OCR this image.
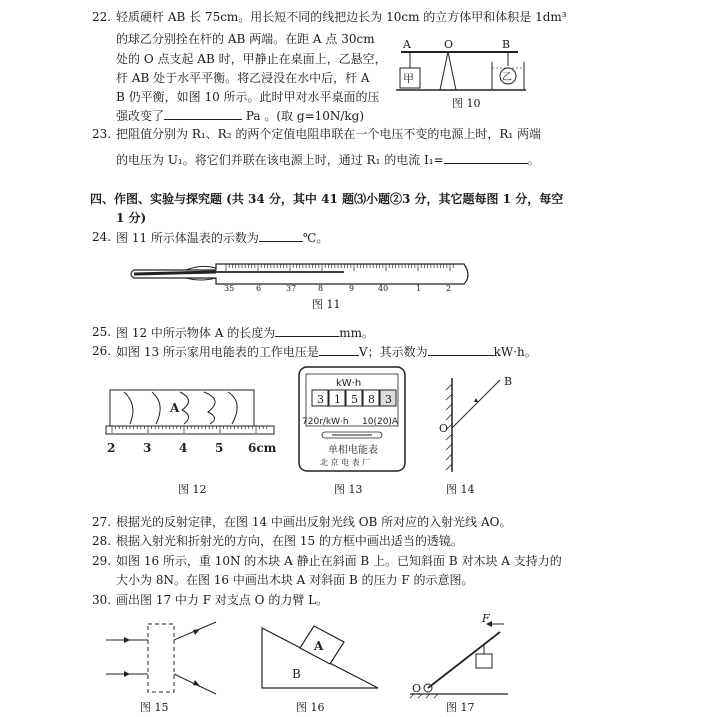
22. 轻质硬杆 AB 长 75cm。用长短不同的线把边长为 10cm 的立方体甲和体积是 1dm³
的球乙分别拴在杆的 AB 两端。在距 A 点 30cm
处的 O 点支起 AB 时，甲静止在桌面上，乙悬空，
杆 AB 处于水平平衡。将乙浸没在水中后，杆 A
B 仍平衡，如图 10 所示。此时甲对水平桌面的压
强改变了	Pa 。(取 g=10N/kg)
A	O	B
甲	乙
图 10
23. 把阻值分别为 R₁、R₂ 的两个定值电阻串联在一个电压不变的电源上时，R₁ 两端
的电压为 U₁。将它们并联在该电源上时，通过 R₁ 的电流 I₁=	。
四、作图、实验与探究题 (共 34 分，其中 41 题⑶小题②3 分，其它题每图 1 分，每空
1 分)
24. 图 11 所示体温表的示数为	℃。
35	6	37	8	9	40	1	2
图 11
25. 图 12 中所示物体 A 的长度为	mm。
26. 如图 13 所示家用电能表的工作电压是	V；其示数为	kW·h。
A
2 3 4 5 6cm
图 12
kW·h
3 1 5 8 3
720r/kW·h 10(20)A
单相电能表
北 京 电 表 厂
图 13
B
O
图 14
27. 根据光的反射定律，在图 14 中画出反射光线 OB 所对应的入射光线 AO。
28. 根据入射光和折射光的方向，在图 15 的方框中画出适当的透镜。
29. 如图 16 所示，重 10N 的木块 A 静止在斜面 B 上。已知斜面 B 对木块 A 支持力的
大小为 8N。在图 16 中画出木块 A 对斜面 B 的压力 F 的示意图。
30. 画出图 17 中力 F 对支点 O 的力臂 L。
图 15
A
B
图 16
F
O
图 17
